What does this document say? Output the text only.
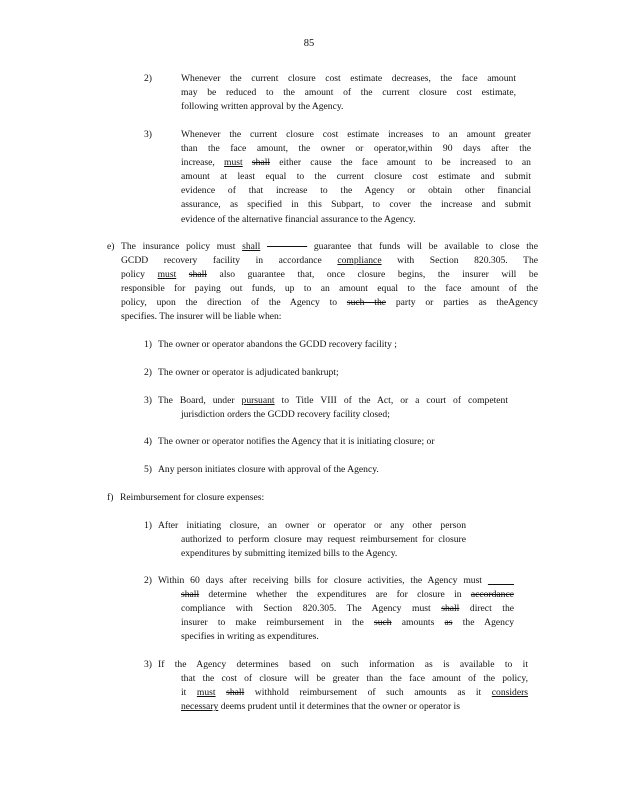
85
2)	Whenever the current closure cost estimate decreases, the face amount

may be reduced to the amount of the current closure cost estimate,

following written approval by the Agency.

3)	Whenever the current closure cost estimate increases to an amount greater

than the face amount, the owner or operator,within 90 days after the

increase, must shall either cause the face amount to be increased to an

amount at least equal to the current closure cost estimate and submit

evidence of that increase to the Agency or obtain other financial

assurance, as specified in this Subpart, to cover the increase and submit

evidence of the alternative financial assurance to the Agency.

e) The insurance policy must shall	guarantee that funds will be available to close the

GCDD recovery facility in accordance compliance with Section 820.305. The

policy must shall also guarantee that, once closure begins, the insurer will be

responsible for paying out funds, up to an amount equal to the face amount of the

policy, upon the direction of the Agency to such the party or parties as theAgency

specifies. The insurer will be liable when:

1) The owner or operator abandons the GCDD recovery facility ;

2) The owner or operator is adjudicated bankrupt;

3) The Board, under pursuant to Title VIII of the Act, or a court of competent

jurisdiction orders the GCDD recovery facility closed;

4) The owner or operator notifies the Agency that it is initiating closure; or

5) Any person initiates closure with approval of the Agency.

f) Reimbursement for closure expenses:

1) After initiating closure, an owner or operator or any other person

authorized to perform closure may request reimbursement for closure

expenditures by submitting itemized bills to the Agency.

2) Within 60 days after receiving bills for closure activities, the Agency must

shall determine whether the expenditures are for closure in accordance

compliance with Section 820.305. The Agency must shall direct the

insurer to make reimbursement in the such amounts as the Agency

specifies in writing as expenditures.

3) If the Agency determines based on such information as is available to it

that the cost of closure will be greater than the face amount of the policy,

it must shall withhold reimbursement of such amounts as it considers

necessary deems prudent until it determines that the owner or operator is
